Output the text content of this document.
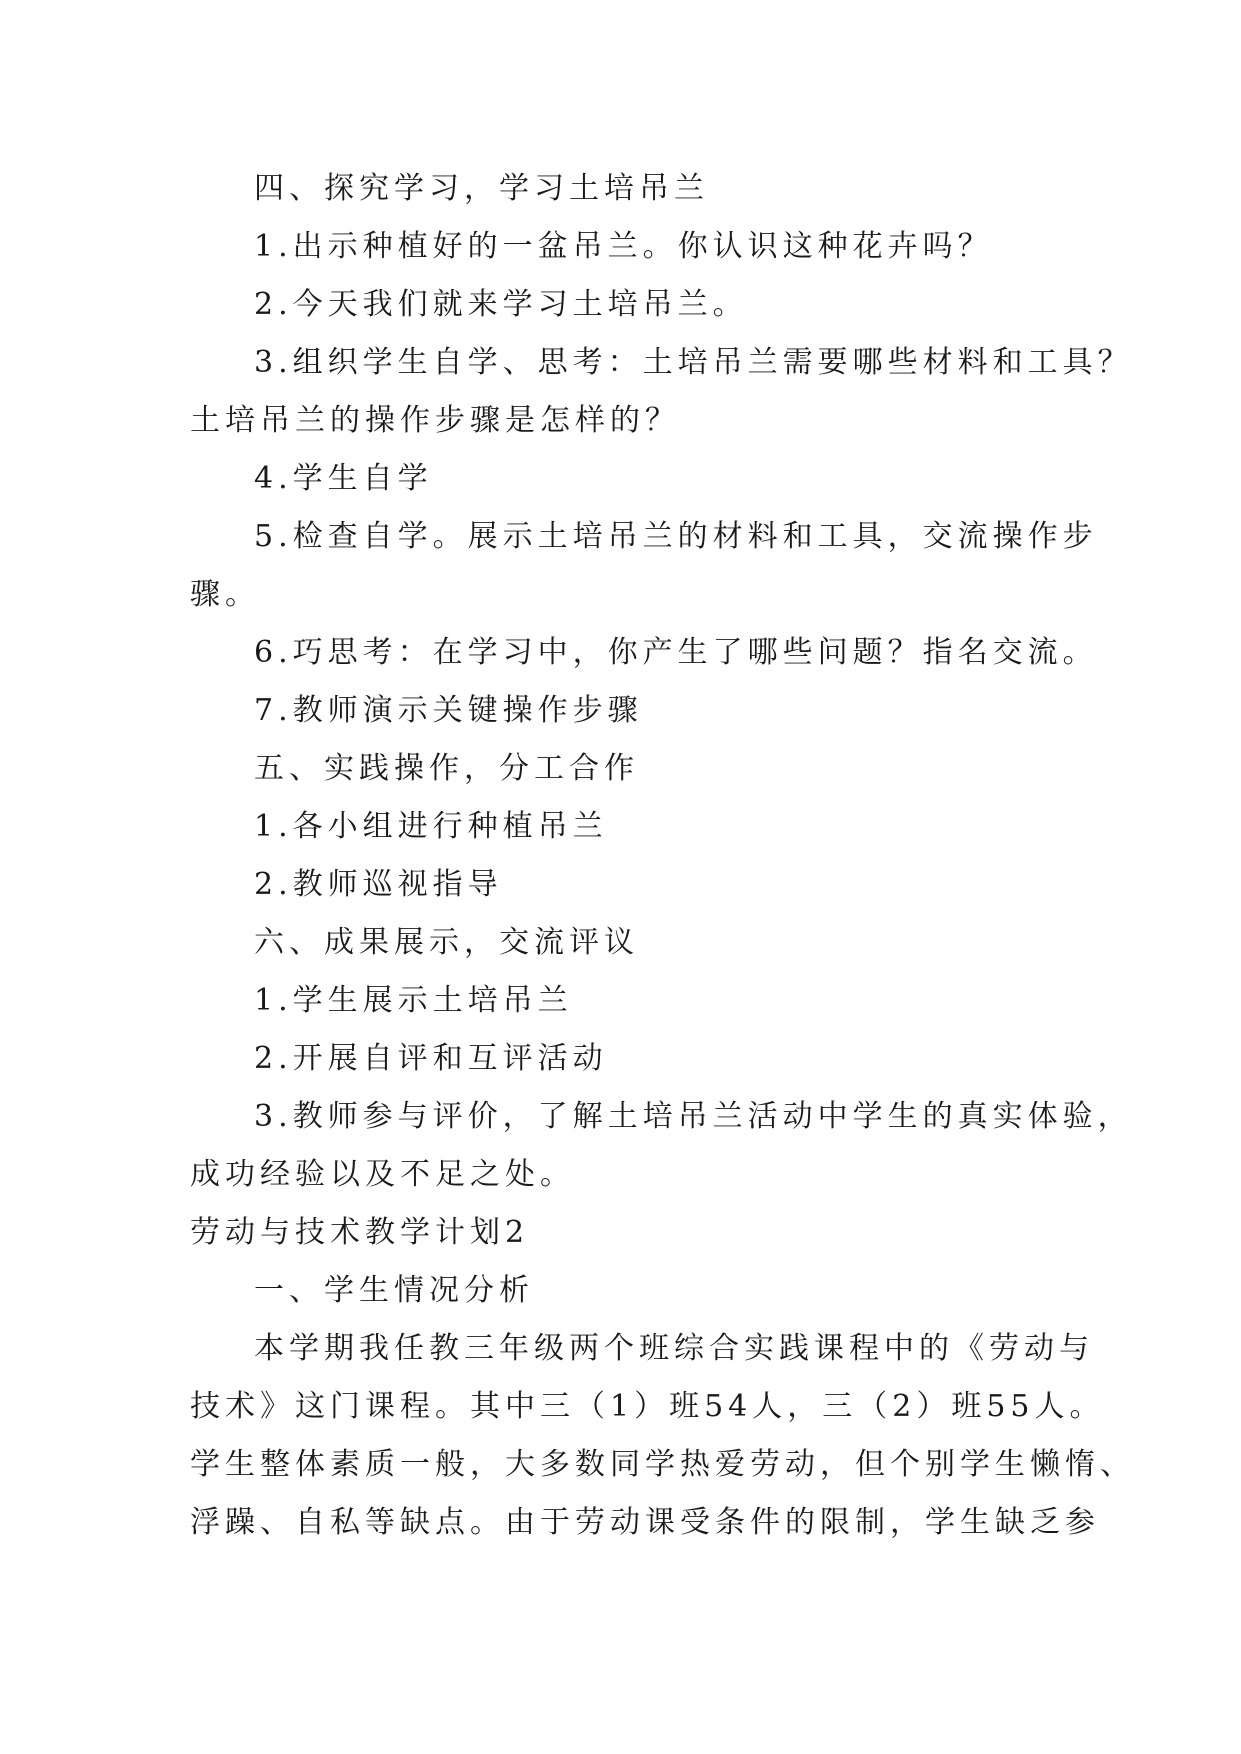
四、探究学习，学习土培吊兰

1.出示种植好的一盆吊兰。你认识这种花卉吗？

2.今天我们就来学习土培吊兰。

3.组织学生自学、思考：土培吊兰需要哪些材料和工具？

土培吊兰的操作步骤是怎样的？

4.学生自学

5.检查自学。展示土培吊兰的材料和工具，交流操作步

骤。

6.巧思考：在学习中，你产生了哪些问题？指名交流。

7.教师演示关键操作步骤

五、实践操作，分工合作

1.各小组进行种植吊兰

2.教师巡视指导

六、成果展示，交流评议

1.学生展示土培吊兰

2.开展自评和互评活动

3.教师参与评价，了解土培吊兰活动中学生的真实体验，

成功经验以及不足之处。

劳动与技术教学计划2

一、学生情况分析

本学期我任教三年级两个班综合实践课程中的《劳动与

技术》这门课程。其中三（1）班54人，三（2）班55人。

学生整体素质一般，大多数同学热爱劳动，但个别学生懒惰、

浮躁、自私等缺点。由于劳动课受条件的限制，学生缺乏参
